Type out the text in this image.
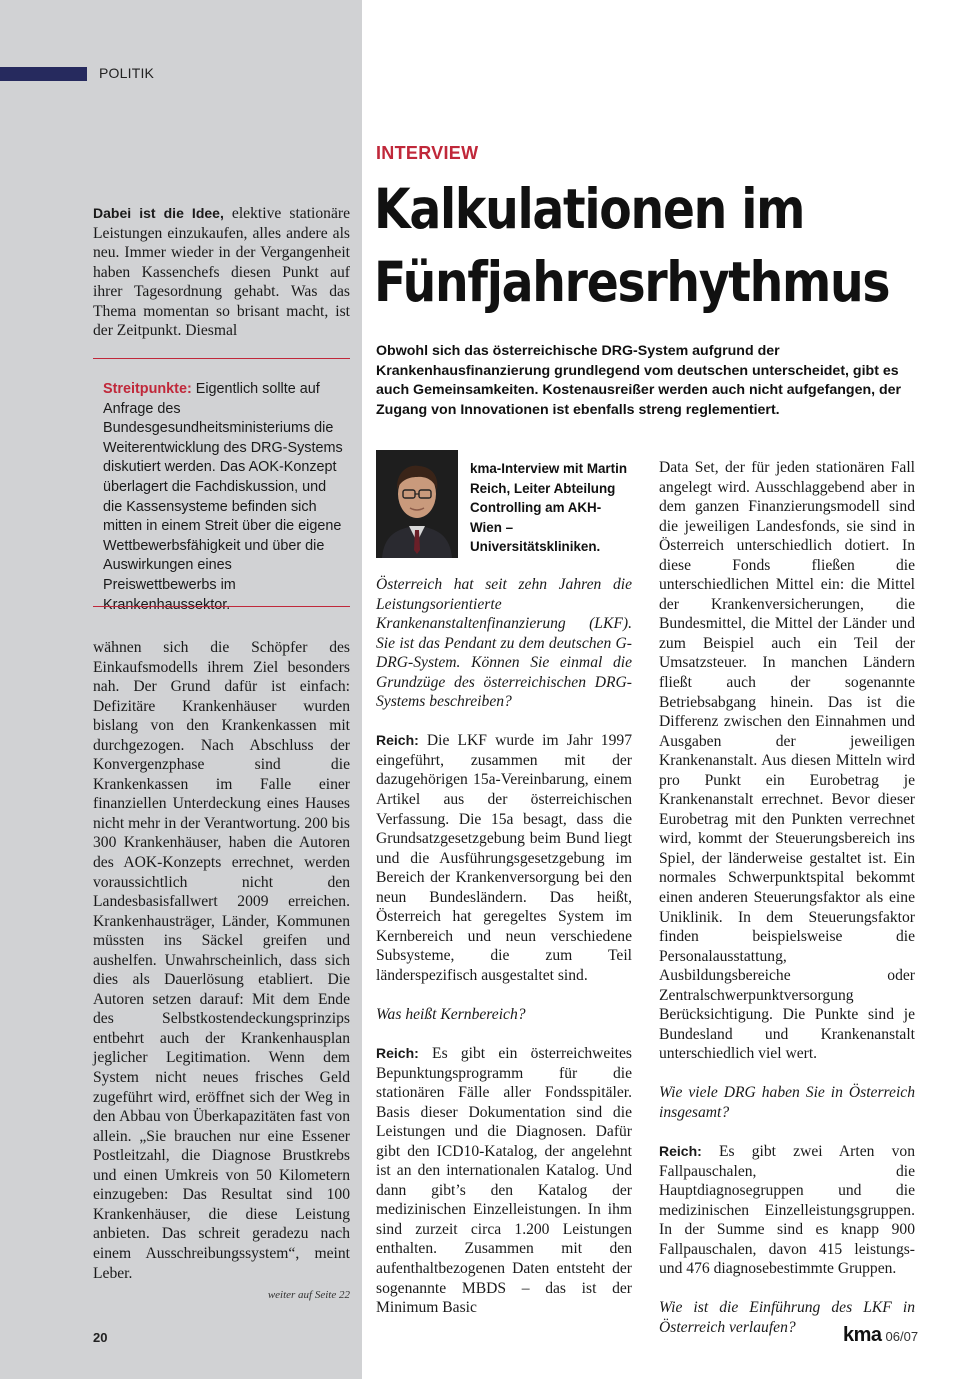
POLITIK

Dabei ist die Idee, elektive stationäre Leistungen einzukaufen, alles andere als neu. Immer wieder in der Vergangenheit haben Kassenchefs diesen Punkt auf ihrer Tagesordnung gehabt. Was das Thema momentan so brisant macht, ist der Zeitpunkt. Diesmal

Streitpunkte: Eigentlich sollte auf Anfrage des Bundesgesundheitsministeriums die Weiterentwicklung des DRG-Systems diskutiert werden. Das AOK-Konzept überlagert die Fachdiskussion, und die Kassensysteme befinden sich mitten in einem Streit über die eigene Wettbewerbsfähigkeit und über die Auswirkungen eines Preiswettbewerbs im Krankenhaussektor.

wähnen sich die Schöpfer des Einkaufsmodells ihrem Ziel besonders nah. Der Grund dafür ist einfach: Defizitäre Krankenhäuser wurden bislang von den Krankenkassen mit durchgezogen. Nach Abschluss der Konvergenzphase sind die Krankenkassen im Falle einer finanziellen Unterdeckung eines Hauses nicht mehr in der Verantwortung. 200 bis 300 Krankenhäuser, haben die Autoren des AOK-Konzepts errechnet, werden voraussichtlich nicht den Landesbasisfallwert 2009 erreichen. Krankenhausträger, Länder, Kommunen müssten ins Säckel greifen und aushelfen. Unwahrscheinlich, dass sich dies als Dauerlösung etabliert. Die Autoren setzen darauf: Mit dem Ende des Selbstkostendeckungsprinzips entbehrt auch der Krankenhausplan jeglicher Legitimation. Wenn dem System nicht neues frisches Geld zugeführt wird, eröffnet sich der Weg in den Abbau von Überkapazitäten fast von allein. „Sie brauchen nur eine Essener Postleitzahl, die Diagnose Brustkrebs und einen Umkreis von 50 Kilometern einzugeben: Das Resultat sind 100 Krankenhäuser, die diese Leistung anbieten. Das schreit geradezu nach einem Ausschreibungssystem“, meint Leber.

weiter auf Seite 22
INTERVIEW
Kalkulationen im
Fünfjahresrhythmus
Obwohl sich das österreichische DRG-System aufgrund der Krankenhausfinanzierung grundlegend vom deutschen unterscheidet, gibt es auch Gemeinsamkeiten. Kostenausreißer werden auch nicht aufgefangen, der Zugang von Innovationen ist ebenfalls streng reglementiert.
kma-Interview mit Martin Reich, Leiter Abteilung Controlling am AKH-Wien – Universitätskliniken.

Österreich hat seit zehn Jahren die Leistungsorientierte Krankenanstaltenfinanzierung (LKF). Sie ist das Pendant zu dem deutschen G-DRG-System. Können Sie einmal die Grundzüge des österreichischen DRG-Systems beschreiben?

Reich: Die LKF wurde im Jahr 1997 eingeführt, zusammen mit der dazugehörigen 15a-Vereinbarung, einem Artikel aus der österreichischen Verfassung. Die 15a besagt, dass die Grundsatzgesetzgebung beim Bund liegt und die Ausführungsgesetzgebung im Bereich der Krankenversorgung bei den neun Bundesländern. Das heißt, Österreich hat geregeltes System im Kernbereich und neun verschiedene Subsysteme, die zum Teil länderspezifisch ausgestaltet sind.

Was heißt Kernbereich?

Reich: Es gibt ein österreichweites Bepunktungsprogramm für die stationären Fälle aller Fondsspitäler. Basis dieser Dokumentation sind die Leistungen und die Diagnosen. Dafür gibt den ICD10-Katalog, der angelehnt ist an den internationalen Katalog. Und dann gibt’s den Katalog der medizinischen Einzelleistungen. In ihm sind zurzeit circa 1.200 Leistungen enthalten. Zusammen mit den aufenthaltbezogenen Daten entsteht der sogenannte MBDS – das ist der Minimum Basic

Data Set, der für jeden stationären Fall angelegt wird. Ausschlaggebend aber in dem ganzen Finanzierungsmodell sind die jeweiligen Landesfonds, sie sind in Österreich unterschiedlich dotiert. In diese Fonds fließen die unterschiedlichen Mittel ein: die Mittel der Krankenversicherungen, die Bundesmittel, die Mittel der Länder und zum Beispiel auch ein Teil der Umsatzsteuer. In manchen Ländern fließt auch der sogenannte Betriebsabgang hinein. Das ist die Differenz zwischen den Einnahmen und Ausgaben der jeweiligen Krankenanstalt. Aus diesen Mitteln wird pro Punkt ein Eurobetrag je Krankenanstalt errechnet. Bevor dieser Eurobetrag mit den Punkten verrechnet wird, kommt der Steuerungsbereich ins Spiel, der länderweise gestaltet ist. Ein normales Schwerpunktspital bekommt einen anderen Steuerungsfaktor als eine Uniklinik. In dem Steuerungsfaktor finden beispielsweise die Personalausstattung, Ausbildungsbereiche oder Zentralschwerpunktversorgung Berücksichtigung. Die Punkte sind je Bundesland und Krankenanstalt unterschiedlich viel wert.

Wie viele DRG haben Sie in Österreich insgesamt?

Reich: Es gibt zwei Arten von Fallpauschalen, die Hauptdiagnosegruppen und die medizinischen Einzelleistungsgruppen. In der Summe sind es knapp 900 Fallpauschalen, davon 415 leistungs- und 476 diagnosebestimmte Gruppen.

Wie ist die Einführung des LKF in Österreich verlaufen?

20	kma 06/07
